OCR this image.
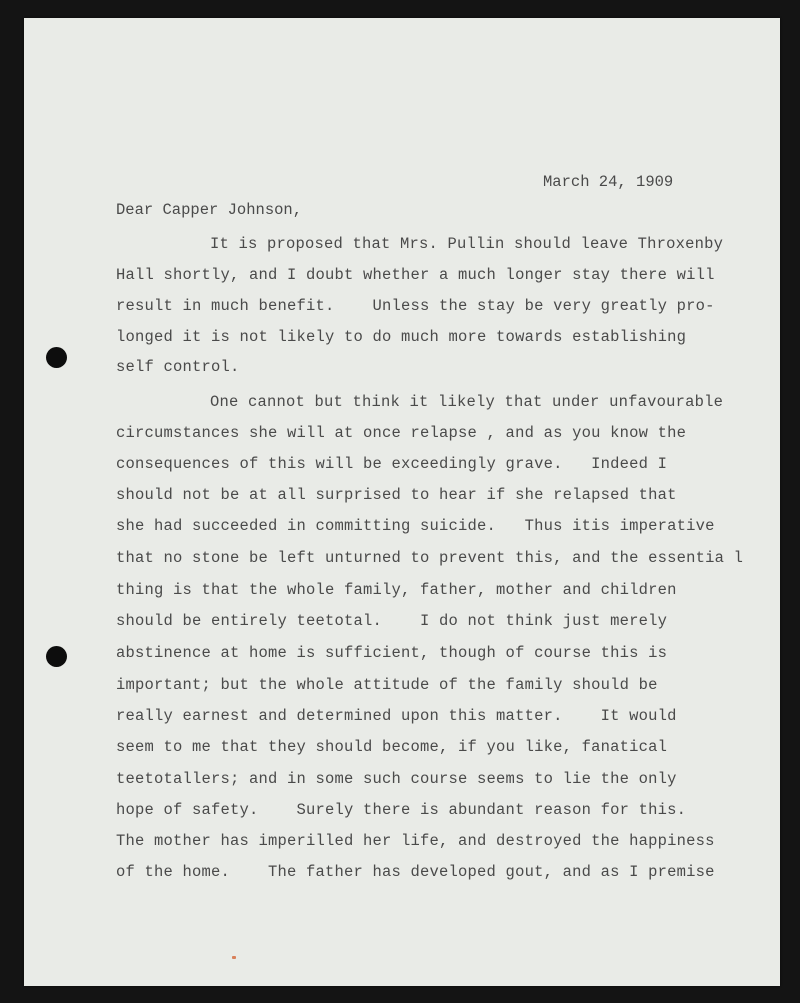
March 24, 1909
Dear Capper Johnson,
It is proposed that Mrs. Pullin should leave Throxenby
Hall shortly, and I doubt whether a much longer stay there will
result in much benefit.    Unless the stay be very greatly pro-
longed it is not likely to do much more towards establishing
self control.
One cannot but think it likely that under unfavourable
circumstances she will at once relapse , and as you know the
consequences of this will be exceedingly grave.   Indeed I
should not be at all surprised to hear if she relapsed that
she had succeeded in committing suicide.   Thus itis imperative
that no stone be left unturned to prevent this, and the essentia l
thing is that the whole family, father, mother and children
should be entirely teetotal.    I do not think just merely
abstinence at home is sufficient, though of course this is
important; but the whole attitude of the family should be
really earnest and determined upon this matter.    It would
seem to me that they should become, if you like, fanatical
teetotallers; and in some such course seems to lie the only
hope of safety.    Surely there is abundant reason for this.
The mother has imperilled her life, and destroyed the happiness
of the home.    The father has developed gout, and as I premise
